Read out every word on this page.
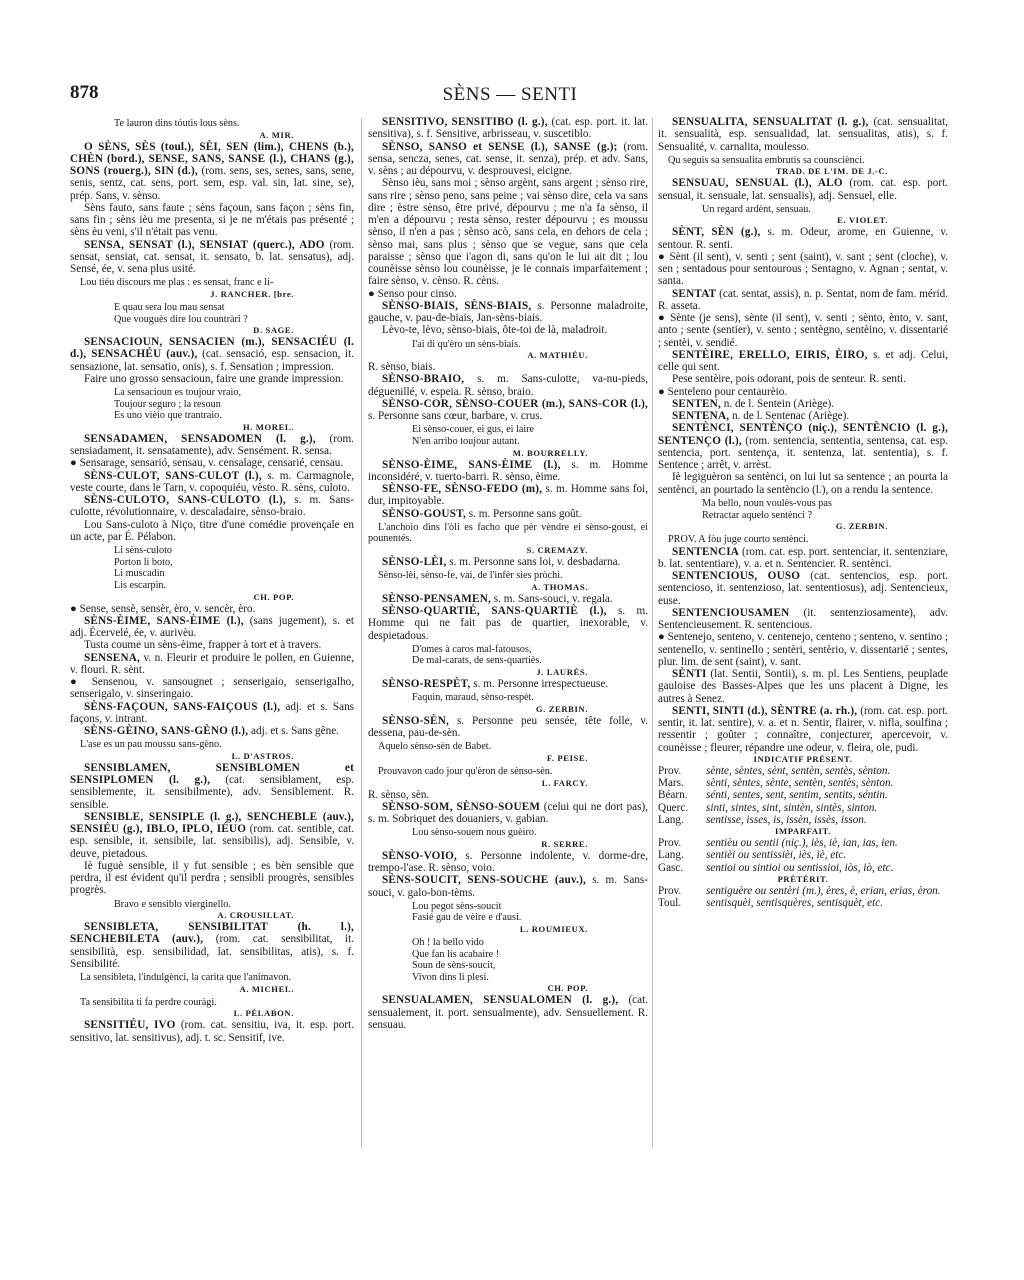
878	SÈNS — SENTI
Te lauron dins tóutis lous sèns.
A. MIR.

O SÈNS, SÈS (toul.), SÈI, SEN (lim.), CHENS (b.), CHÈN (bord.), SENSE, SANS, SANSE (l.), CHANS (g.), SONS (rouerg.), SIN (d.), (rom. sens, ses, senes, sans, sene, senis, sentz, cat. sens, port. sem, esp. val. sin, lat. sine, se), prép. Sans, v. sènso.

Sèns fauto, sans faute ; sèns façoun, sans façon ; sèns fin, sans fin ; sèns ièu me presenta, si je ne m'étais pas présenté ; sèns èu veni, s'il n'était pas venu.

SENSA, SENSAT (l.), SENSIAT (querc.), ADO (rom. sensat, sensiat, cat. sensat, it. sensato, b. lat. sensatus), adj. Sensé, ée, v. sena plus usité.

Lou tiéu discours me plas : es sensat, franc e li-

J. RANCHER. [bre.
E quau sera lou mau sensat
Que vouguès dire lou countràri ?
D. SAGE.

SENSACIOUN, SENSACIEN (m.), SENSACIÉU (l. d.), SENSACHÉU (auv.), (cat. sensació, esp. sensacion, it. sensazione, lat. sensatio, onis), s. f. Sensation ; impression.

Faire uno grosso sensacioun, faire une grande impression.

La sensacioun es toujour vraio,
Toujour seguro ; la resoun
Es uno vièio que trantraio.
H. MOREL.

SENSADAMEN, SENSADOMEN (l. g.), (rom. sensiadament, it. sensatamente), adv. Sensément. R. sensa.

● Sensarage, sensarió, sensau, v. censalage, censarié, censau.

SÈNS-CULOT, SANS-CULOT (l.), s. m. Carmagnole, veste courte, dans le Tarn, v. copoquiéu, vèsto. R. sèns, culoto.

SÈNS-CULOTO, SANS-CULOTO (l.), s. m. Sans-culotte, révolutionnaire, v. descaladaire, sènso-braio.

Lou Sans-culoto à Niço, titre d'une comédie provençale en un acte, par É. Pélabon.

Li sèns-culoto
Porton li boto,
Li muscadin
Lis escarpin.
CH. POP.

● Sense, sensè, sensèr, èro, v. sencèr, èro.

SÈNS-ÈIME, SANS-ÈIME (l.), (sans jugement), s. et adj. Écervelé, ée, v. aurivèu.

Tusta coume un sèns-èime, frapper à tort et à travers.

SENSENA, v. n. Fleurir et produire le pollen, en Guienne, v. flouri. R. sènt.

● Sensenou, v. sansougnet ; senserigaio, senserigalho, senserigalo, v. sinseringaio.

SÈNS-FAÇOUN, SANS-FAIÇOUS (l.), adj. et s. Sans façons, v. intrant.

SÈNS-GÈINO, SANS-GÈNO (l.), adj. et s. Sans gêne.

L'ase es un pau moussu sans-gèno.

L. D'ASTROS.

SENSIBLAMEN, SENSIBLOMEN et SENSIPLOMEN (l. g.), (cat. sensiblament, esp. sensiblemente, it. sensibilmente), adv. Sensiblement. R. sensible.

SENSIBLE, SENSIPLE (l. g.), SENCHEBLE (auv.), SENSIÉU (g.), IBLO, IPLO, IÉUO (rom. cat. sentible, cat. esp. sensible, it. sensibile, lat. sensibilis), adj. Sensible, v. deuve, pietadous.

Iè fuguè sensible, il y fut sensible ; es bèn sensible que perdra, il est évident qu'il perdra ; sensibli prougrès, sensibles progrès.

Bravo e sensiblo vierginello.
A. CROUSILLAT.

SENSIBLETA, SENSIBILITAT (h. l.), SENCHEBILETA (auv.), (rom. cat. sensibilitat, it. sensibilità, esp. sensibilidad, lat. sensibilitas, atis), s. f. Sensibilité.

La sensibleta, l'indulgènci, la carita que l'animavon.

A. MICHEL.

Ta sensibilita ti fa perdre couràgi.

L. PÉLABON.

SENSITIÉU, IVO (rom. cat. sensitiu, iva, it. esp. port. sensitivo, lat. sensitivus), adj. t. sc. Sensitif, ive.

SENSITIVO, SENSITIBO (l. g.), (cat. esp. port. it. lat. sensitiva), s. f. Sensitive, arbrisseau, v. suscetiblo.

SÈNSO, SANSO et SENSE (l.), SANSE (g.); (rom. sensa, sencza, senes, cat. sense, it. senza), prép. et adv. Sans, v. sèns ; au dépourvu, v. desprouvesi, eicigne.

Sènso ièu, sans moi ; sènso argènt, sans argent ; sènso rire, sans rire ; sènso peno, sans peine ; vai sènso dire, cela va sans dire ; èstre sènso, être privé, dépourvu ; me n'a fa sènso, il m'en a dépourvu ; resta sènso, rester dépourvu ; es moussu sènso, il n'en a pas ; sènso acò, sans cela, en dehors de cela ; sènso mai, sans plus ; sènso que se vegue, sans que cela paraisse ; sènso que i'agon di, sans qu'on le lui ait dit ; lou counèisse sènso lou counèisse, je le connais imparfaitement ; faire sènso, v. cènso. R. cèns.

● Senso pour cinso.

SÈNSO-BIAIS, SÈNS-BIAIS, s. Personne maladroite, gauche, v. pau-de-biais, Jan-sèns-biais.

Lèvo-te, lèvo, sènso-biais, ôte-toi de là, maladroit.

I'ai di qu'èro un sèns-biais.
A. MATHIÉU.

R. sènso, biais.

SÈNSO-BRAIO, s. m. Sans-culotte, va-nu-pieds, déguenillé, v. espeia. R. sènso, braio.

SÈNSO-COR, SÈNSO-COUER (m.), SANS-COR (l.), s. Personne sans cœur, barbare, v. crus.

Ei sènso-couer, ei gus, ei laire
N'en arribo toujour autant.
M. BOURRELLY.

SÈNSO-ÈIME, SANS-ÈIME (l.), s. m. Homme inconsidéré, v. tuerto-barri. R. sènso, èime.

SÈNSO-FE, SÈNSO-FEDO (m), s. m. Homme sans foi, dur, impitoyable.

SÈNSO-GOUST, s. m. Personne sans goût.

L'anchoio dins l'òli es facho que pèr vèndre ei sènso-goust, ei pounentés.

S. CREMAZY.

SÈNSO-LÈI, s. m. Personne sans loi, v. desbadarna.

Sènso-lèi, sènso-fe, vai, de l'infèr sies pròchi.

A. THOMAS.

SÈNSO-PENSAMEN, s. m. Sans-souci, v. regala.

SÈNSO-QUARTIÉ, SANS-QUARTIÈ (l.), s. m. Homme qui ne fait pas de quartier, inexorable, v. despietadous.

D'omes à caros mal-fatousos,
De mal-carats, de sens-quartiès.
J. LAURÈS.

SÈNSO-RESPÈT, s. m. Personne irrespectueuse.

Faquin, maraud, sènso-respèt.
G. ZERBIN.

SÈNSO-SÈN, s. Personne peu sensée, tête folle, v. dessena, pau-de-sèn.

Aquelo sènso-sèn de Babet.

F. PEISE.

Prouvavon cado jour qu'èron de sènso-sèn.

L. FARCY.

R. sènso, sèn.

SÈNSO-SOM, SÈNSO-SOUEM (celui qui ne dort pas), s. m. Sobriquet des douaniers, v. gabian.

Lou sènso-souem nous guèiro.
R. SERRE.

SÈNSO-VOIO, s. Personne indolente, v. dorme-dre, trempo-l'ase. R. sènso, voio.

SÈNS-SOUCIT, SENS-SOUCHE (auv.), s. m. Sans-souci, v. galo-bon-tèms.

Lou pegot sèns-soucit
Fasié gau de vèire e d'ausi.
L. ROUMIEUX.
Oh ! la bello vido
Que fan lis acabaire !
Soun de sèns-soucit,
Vivon dins li plesi.
CH. POP.

SENSUALAMEN, SENSUALOMEN (l. g.), (cat. sensualement, it. port. sensualmente), adv. Sensuellement. R. sensuau.

SENSUALITA, SENSUALITAT (l. g.), (cat. sensualitat, it. sensualità, esp. sensualidad, lat. sensualitas, atis), s. f. Sensualité, v. carnalita, moulesso.

Qu seguis sa sensualita embrutis sa counsciènci.

TRAD. DE L'IM. DE J.-C.

SENSUAU, SENSUAL (l.), ALO (rom. cat. esp. port. sensual, it. sensuale, lat. sensualis), adj. Sensuel, elle.

Un regard ardènt, sensuau.
E. VIOLET.

SÈNT, SÈN (g.), s. m. Odeur, arome, en Guienne, v. sentour. R. senti.

● Sènt (il sent), v. senti ; sent (saint), v. sant ; sent (cloche), v. sen ; sentadous pour sentourous ; Sentagno, v. Agnan ; sentat, v. santa.

SENTAT (cat. sentat, assis), n. p. Sentat, nom de fam. mérid. R. asseta.

● Sènte (je sens), sènte (il sent), v. senti ; sènto, ènto, v. sant, anto ; sente (sentier), v. sento ; sentègno, sentèino, v. dissentarié ; sentèi, v. sendié.

SENTÈIRE, ERELLO, EIRIS, ÈIRO, s. et adj. Celui, celle qui sent.

Pese sentèire, pois odorant, pois de senteur. R. senti.

● Senteleno pour centaurèio.

SENTEN, n. de l. Sentein (Ariège).

SENTENA, n. de l. Sentenac (Ariège).

SENTÈNCI, SENTÈNÇO (niç.), SENTÈNCIO (l. g.), SENTENÇO (l.), (rom. sentencia, sententia, sentensa, cat. esp. sentencia, port. sentença, it. sentenza, lat. sententia), s. f. Sentence ; arrêt, v. arrèst.

Iè legiguèron sa sentènci, on lui lut sa sentence ; an pourta la sentènci, an pourtado la sentèncio (l.), on a rendu la sentence.

Ma bello, noun voulès-vous pas
Retractar aquelo sentènci ?
G. ZERBIN.

PROV. A fòu juge courto sentènci.

SENTENCIA (rom. cat. esp. port. sentenciar, it. sentenziare, b. lat. sententiare), v. a. et n. Sentencier. R. sentènci.

SENTENCIOUS, OUSO (cat. sentencios, esp. port. sentencioso, it. sentenzioso, lat. sententiosus), adj. Sentencieux, euse.

SENTENCIOUSAMEN (it. sentenziosamente), adv. Sentencieusement. R. sentencious.

● Sentenejo, senteno, v. centenejo, centeno ; senteno, v. sentino ; sentenello, v. sentinello ; sentèri, sentèrio, v. dissentarié ; sentes, plur. lim. de sent (saint), v. sant.

SÈNTI (lat. Sentii, Sontii), s. m. pl. Les Sentiens, peuplade gauloise des Basses-Alpes que les uns placent à Digne, les autres à Senez.

SENTI, SINTI (d.), SÈNTRE (a. rh.), (rom. cat. esp. port. sentir, it. lat. sentire), v. a. et n. Sentir, flairer, v. nifla, soulfina ; ressentir ; goûter ; connaître, conjecturer, apercevoir, v. counèisse ; fleurer, répandre une odeur, v. fleira, ole, pudi.

INDICATIF PRÉSENT.
Prov.	sènte, sèntes, sènt, sentèn, sentès, sènton.
Mars.	sènti, sèntes, sènte, sentèn, sentès, sènton.
Béarn.	sénti, sentes, sent, sentim, sentits, séntin.
Querc.	sinti, sintes, sint, sintèn, sintès, sinton.
Lang.	sentisse, isses, is, issèn, issès, isson.
IMPARFAIT.
Prov.	sentièu ou sentii (niç.), iès, iè, ian, ias, ien.
Lang.	sentièi ou sentissièi, iès, iè, etc.
Gasc.	sentioi ou sintioi ou sentissioi, iòs, iò, etc.
PRÉTÉRIT.
Prov.	sentiguère ou sentèri (m.), ères, è, erian, erias, èron.
Toul.	sentisquèi, sentisquères, sentisquèt, etc.
